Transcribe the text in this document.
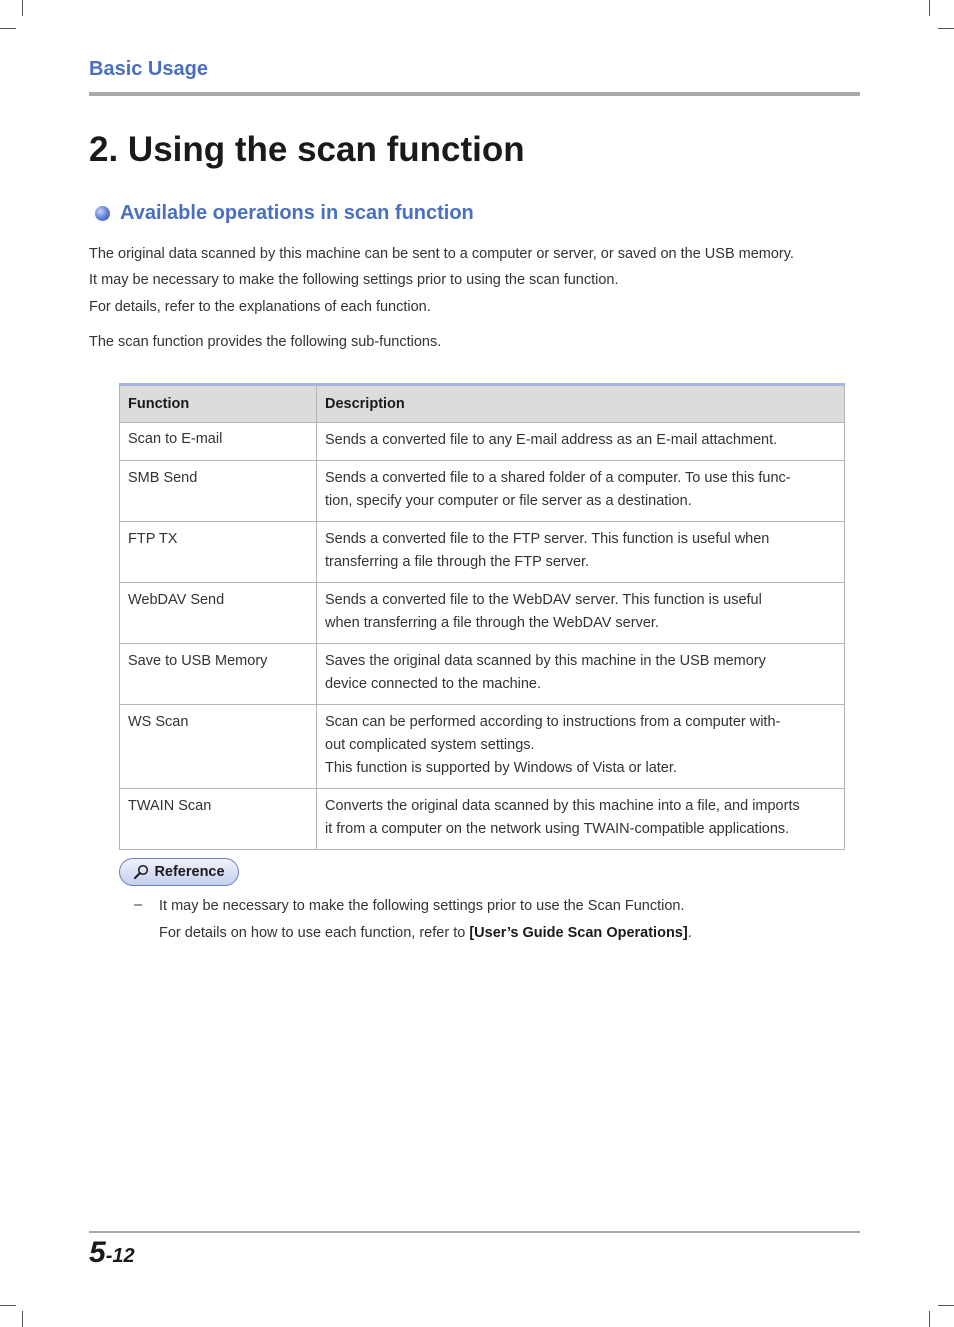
Basic Usage
2. Using the scan function
Available operations in scan function
The original data scanned by this machine can be sent to a computer or server, or saved on the USB memory.
It may be necessary to make the following settings prior to using the scan function.
For details, refer to the explanations of each function.
The scan function provides the following sub-functions.
Function	Description
Scan to E-mail	Sends a converted file to any E-mail address as an E-mail attachment.

SMB Send	Sends a converted file to a shared folder of a computer. To use this func-
tion, specify your computer or file server as a destination.

FTP TX	Sends a converted file to the FTP server. This function is useful when
transferring a file through the FTP server.

WebDAV Send	Sends a converted file to the WebDAV server. This function is useful
when transferring a file through the WebDAV server.

Save to USB Memory	Saves the original data scanned by this machine in the USB memory
device connected to the machine.

WS Scan	Scan can be performed according to instructions from a computer with-
out complicated system settings.
This function is supported by Windows of Vista or later.

TWAIN Scan	Converts the original data scanned by this machine into a file, and imports
it from a computer on the network using TWAIN-compatible applications.
Reference
– It may be necessary to make the following settings prior to use the Scan Function.
For details on how to use each function, refer to [User’s Guide Scan Operations].
5-12
